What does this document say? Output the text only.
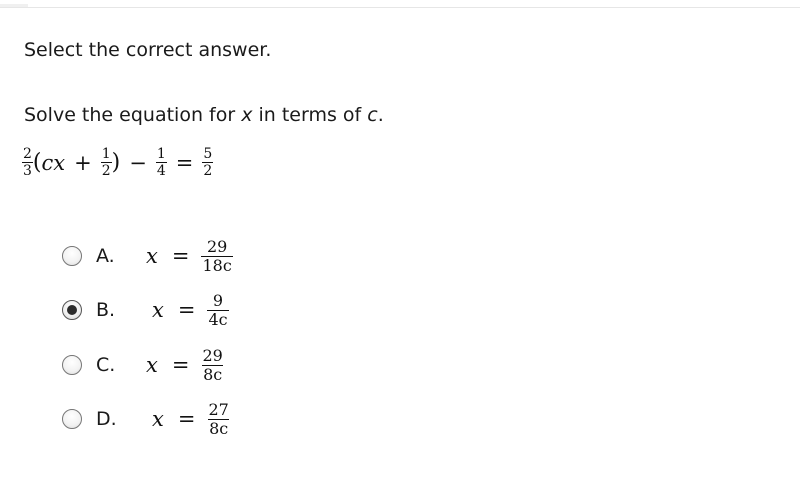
Select the correct answer.
Solve the equation for x in terms of c.
$\frac{2}{3}$ ( c $x + \frac{1}{2}$ ) − $\frac{1}{4} = \frac{5}{2}$
A.	$x = \frac{29}{18c}$
B.	$x = \frac{9}{4c}$
C.	$x = \frac{29}{8c}$
D.	$x = \frac{27}{8c}$
